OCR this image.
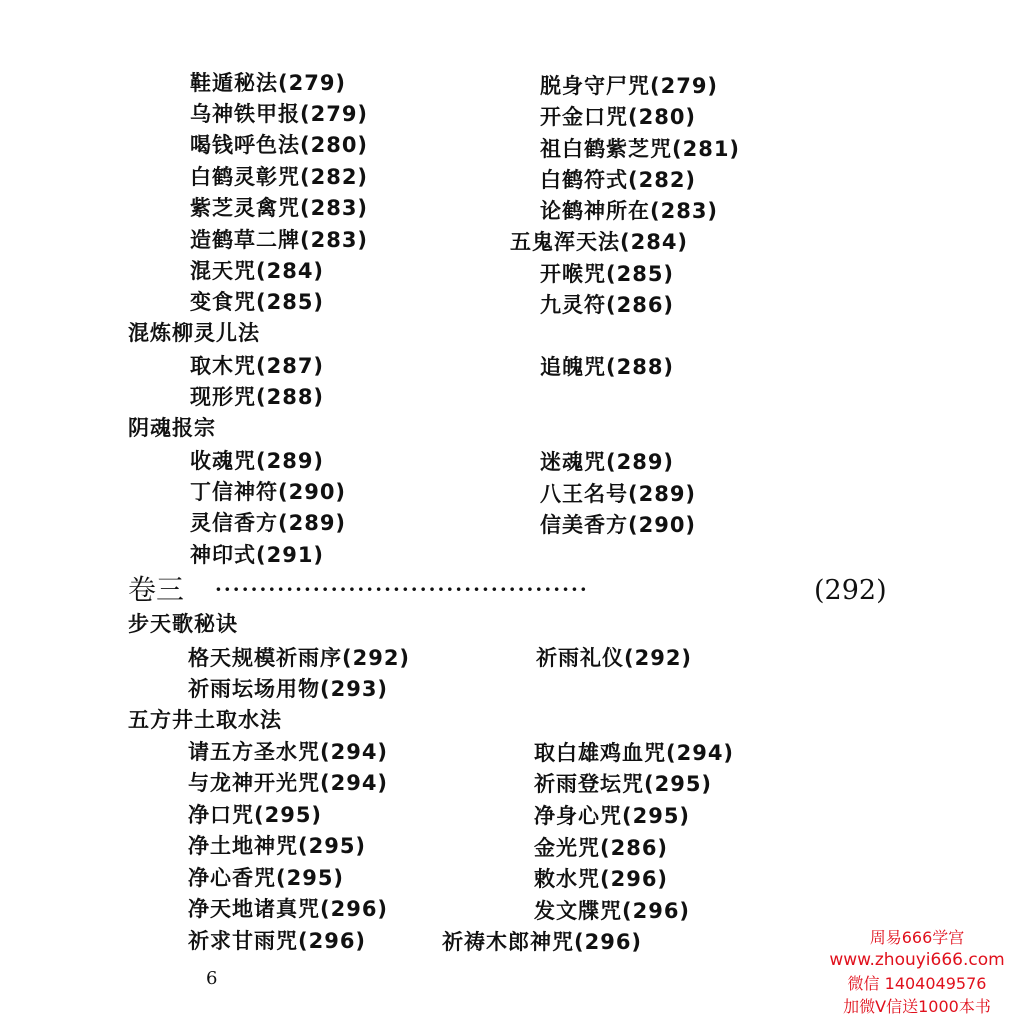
鞋遁秘法(279)	脱身守尸咒(279)
乌神铁甲报(279)	开金口咒(280)
喝钱呼色法(280)	祖白鹤紫芝咒(281)
白鹤灵彰咒(282)	白鹤符式(282)
紫芝灵禽咒(283)	论鹤神所在(283)
造鹤草二牌(283)	五鬼浑天法(284)
混天咒(284)	开喉咒(285)
变食咒(285)	九灵符(286)
混炼柳灵儿法
取木咒(287)	追魄咒(288)
现形咒(288)
阴魂报宗
收魂咒(289)	迷魂咒(289)
丁信神符(290)	八王名号(289)
灵信香方(289)	信美香方(290)
神印式(291)
卷三 ··········································	(292)
步天歌秘诀
格天规模祈雨序(292)	祈雨礼仪(292)
祈雨坛场用物(293)
五方井土取水法
请五方圣水咒(294)	取白雄鸡血咒(294)
与龙神开光咒(294)	祈雨登坛咒(295)
净口咒(295)	净身心咒(295)
净土地神咒(295)	金光咒(286)
净心香咒(295)	敕水咒(296)
净天地诸真咒(296)	发文牒咒(296)
祈求甘雨咒(296)	祈祷木郎神咒(296)
6
周易666学宫
www.zhouyi666.com
微信 1404049576
加微V信送1000本书
